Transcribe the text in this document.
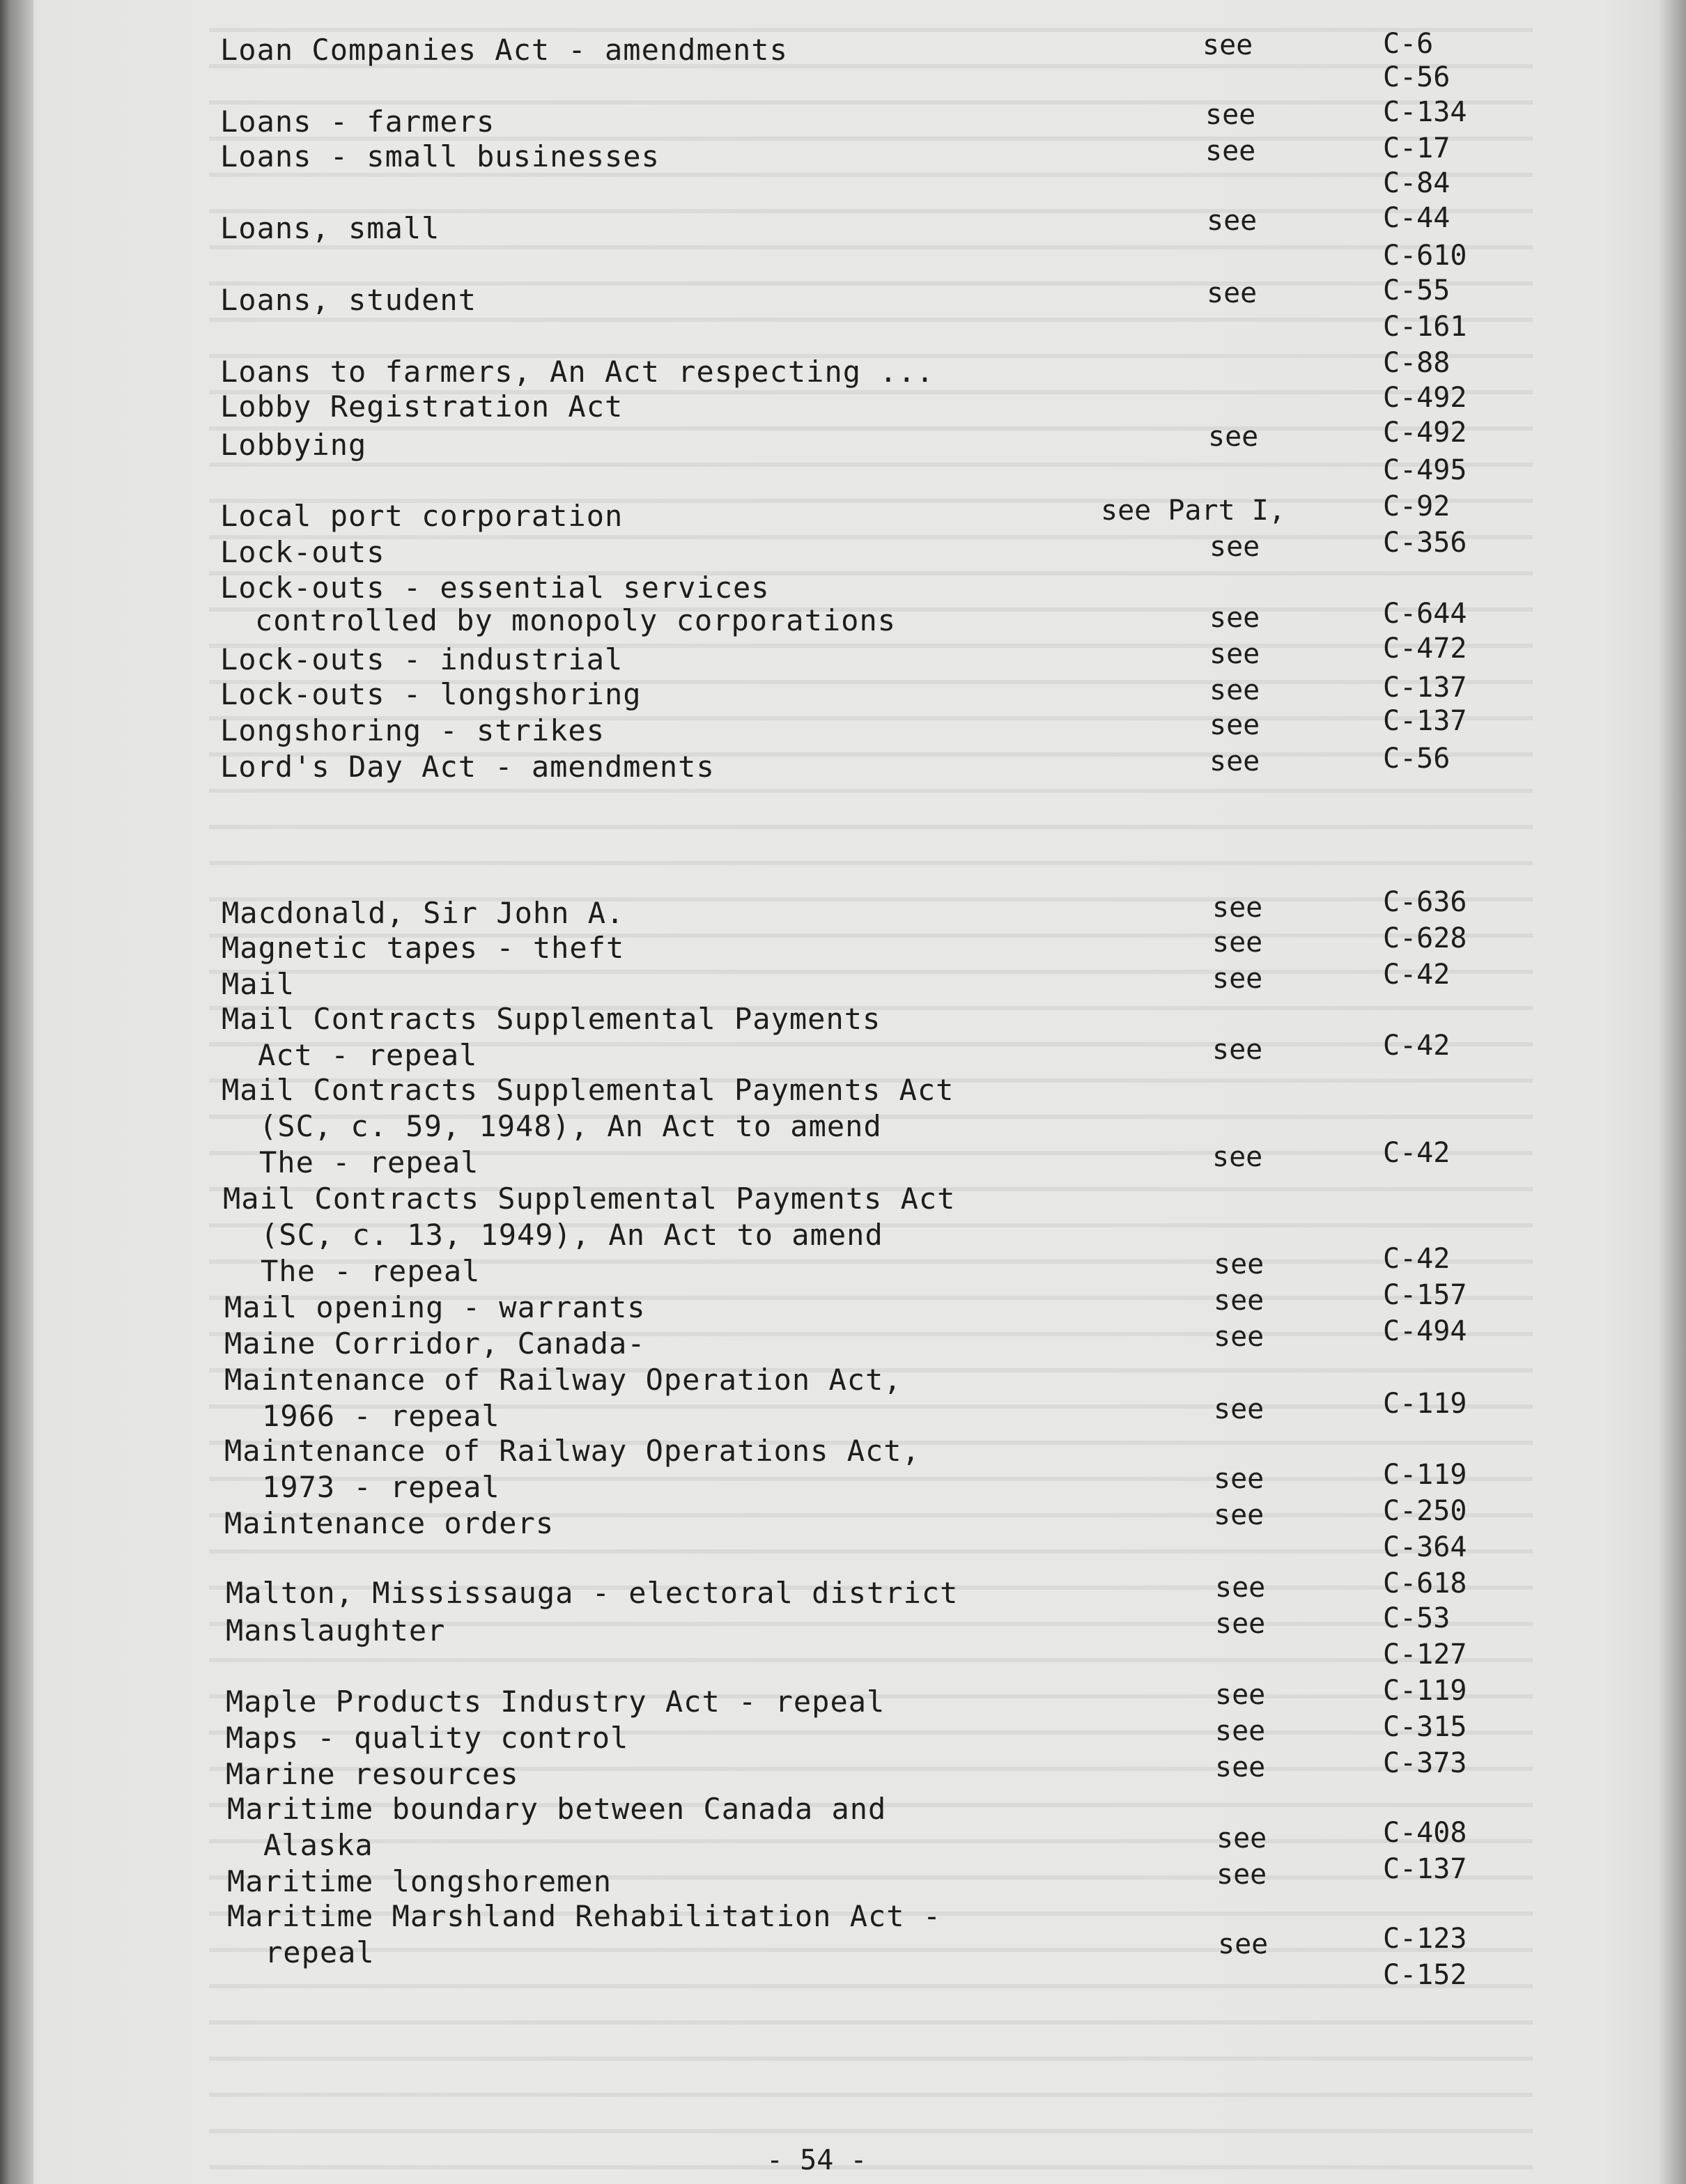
Loan Companies Act - amendments
Loans - farmers
Loans - small businesses
Loans, small
Loans, student
Loans to farmers, An Act respecting ...
Lobby Registration Act
Lobbying
Local port corporation
Lock-outs
Lock-outs - essential services
controlled by monopoly corporations
Lock-outs - industrial
Lock-outs - longshoring
Longshoring - strikes
Lord's Day Act - amendments
Macdonald, Sir John A.
Magnetic tapes - theft
Mail
Mail Contracts Supplemental Payments
Act - repeal
Mail Contracts Supplemental Payments Act
(SC, c. 59, 1948), An Act to amend
The - repeal
Mail Contracts Supplemental Payments Act
(SC, c. 13, 1949), An Act to amend
The - repeal
Mail opening - warrants
Maine Corridor, Canada-
Maintenance of Railway Operation Act,
1966 - repeal
Maintenance of Railway Operations Act,
1973 - repeal
Maintenance orders
Malton, Mississauga - electoral district
Manslaughter
Maple Products Industry Act - repeal
Maps - quality control
Marine resources
Maritime boundary between Canada and
Alaska
Maritime longshoremen
Maritime Marshland Rehabilitation Act -
repeal
see
see
see
see
see
see
see Part I,
see
see
see
see
see
see
see
see
see
see
see
see
see
see
see
see
see
see
see
see
see
see
see
see
see
C-6
C-56
C-134
C-17
C-84
C-44
C-610
C-55
C-161
C-88
C-492
C-492
C-495
C-92
C-356
C-644
C-472
C-137
C-137
C-56
C-636
C-628
C-42
C-42
C-42
C-42
C-157
C-494
C-119
C-119
C-250
C-364
C-618
C-53
C-127
C-119
C-315
C-373
C-408
C-137
C-123
C-152
- 54 -
